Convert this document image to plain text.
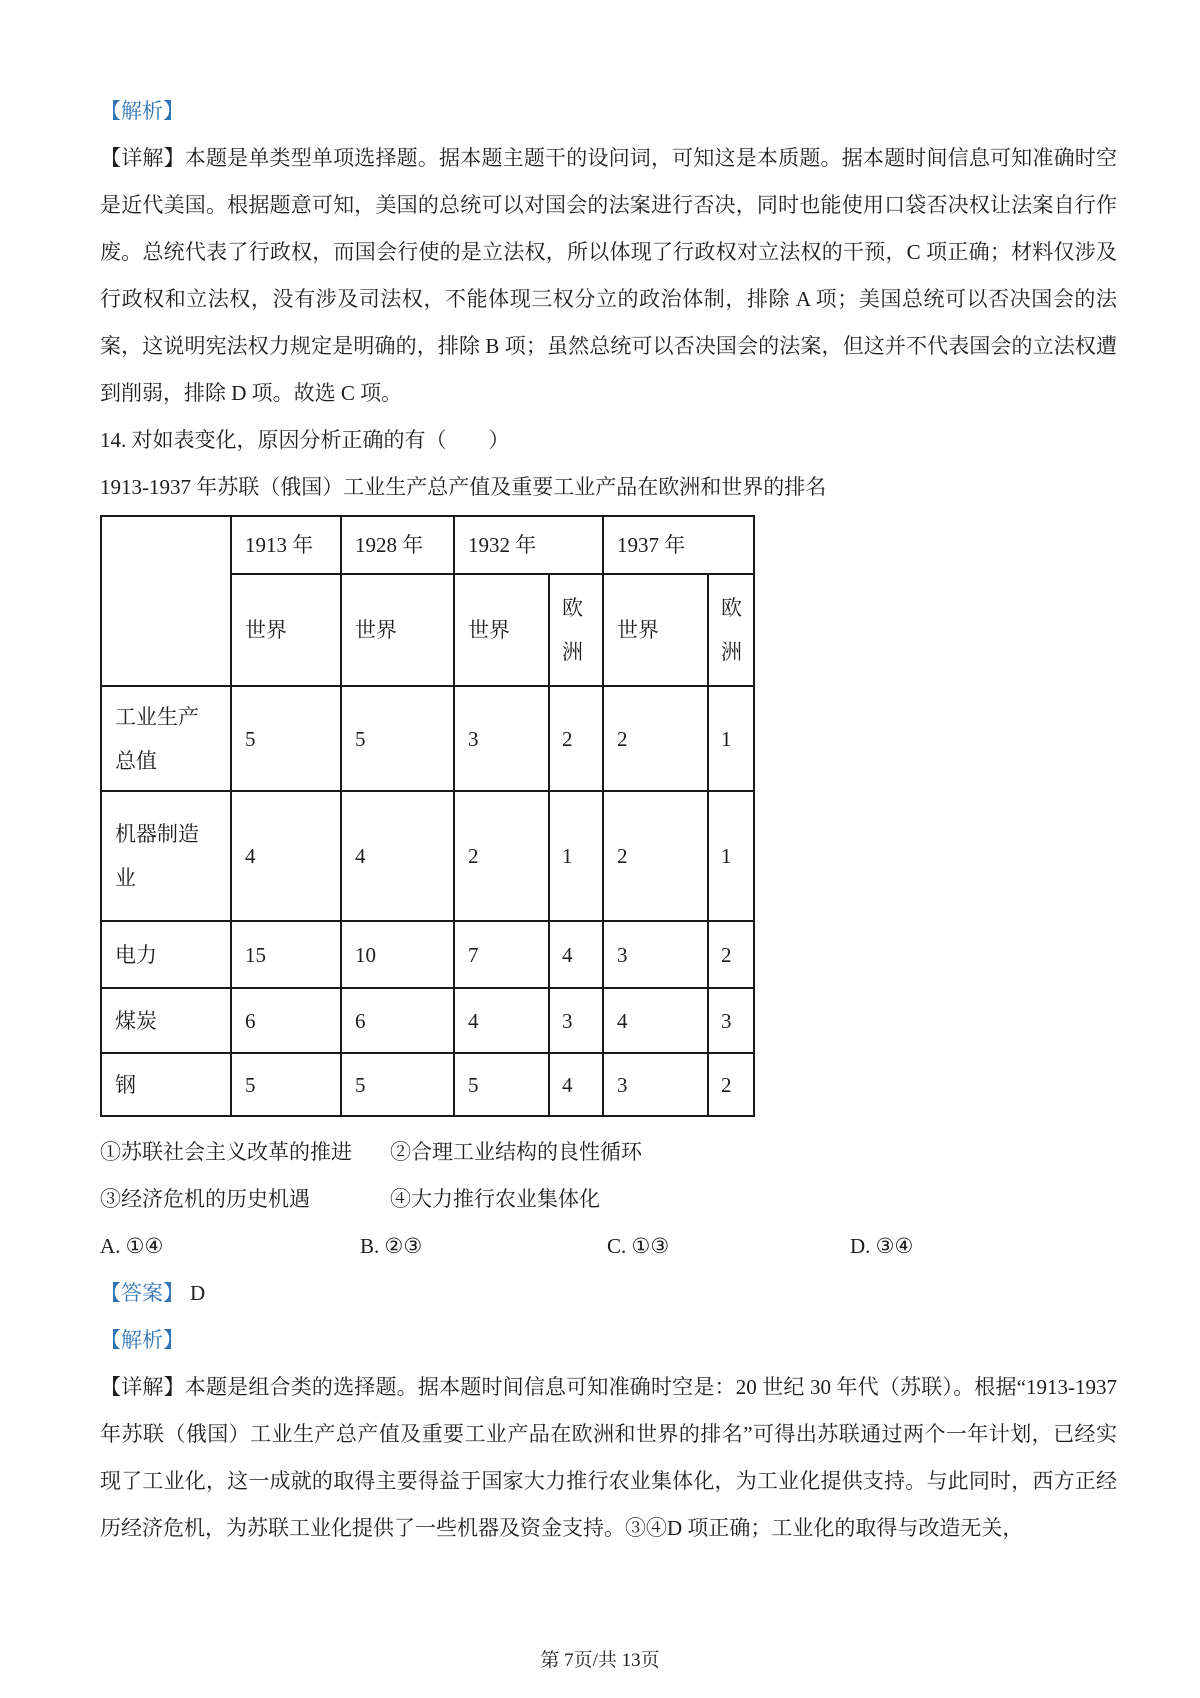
【解析】
【详解】本题是单类型单项选择题。据本题主题干的设问词，可知这是本质题。据本题时间信息可知准确时空是近代美国。根据题意可知，美国的总统可以对国会的法案进行否决，同时也能使用口袋否决权让法案自行作废。总统代表了行政权，而国会行使的是立法权，所以体现了行政权对立法权的干预，C 项正确；材料仅涉及行政权和立法权，没有涉及司法权，不能体现三权分立的政治体制，排除 A 项；美国总统可以否决国会的法案，这说明宪法权力规定是明确的，排除 B 项；虽然总统可以否决国会的法案，但这并不代表国会的立法权遭到削弱，排除 D 项。故选 C 项。
14. 对如表变化，原因分析正确的有（　　）
1913-1937 年苏联（俄国）工业生产总产值及重要工业产品在欧洲和世界的排名
	1913 年	1928 年	1932 年		1937 年	
	世界	世界	世界	欧洲	世界	欧洲
工业生产总值	5	5	3	2	2	1
机器制造业	4	4	2	1	2	1
电力	15	10	7	4	3	2
煤炭	6	6	4	3	4	3
钢	5	5	5	4	3	2
①苏联社会主义改革的推进 ②合理工业结构的良性循环
③经济危机的历史机遇	④大力推行农业集体化
A. ①④	B. ②③	C. ①③	D. ③④
【答案】 D
【解析】
【详解】本题是组合类的选择题。据本题时间信息可知准确时空是：20 世纪 30 年代（苏联）。根据“1913-1937 年苏联（俄国）工业生产总产值及重要工业产品在欧洲和世界的排名”可得出苏联通过两个一年计划，已经实现了工业化，这一成就的取得主要得益于国家大力推行农业集体化，为工业化提供支持。与此同时，西方正经历经济危机，为苏联工业化提供了一些机器及资金支持。③④D 项正确；工业化的取得与改造无关，
第 7页/共 13页
